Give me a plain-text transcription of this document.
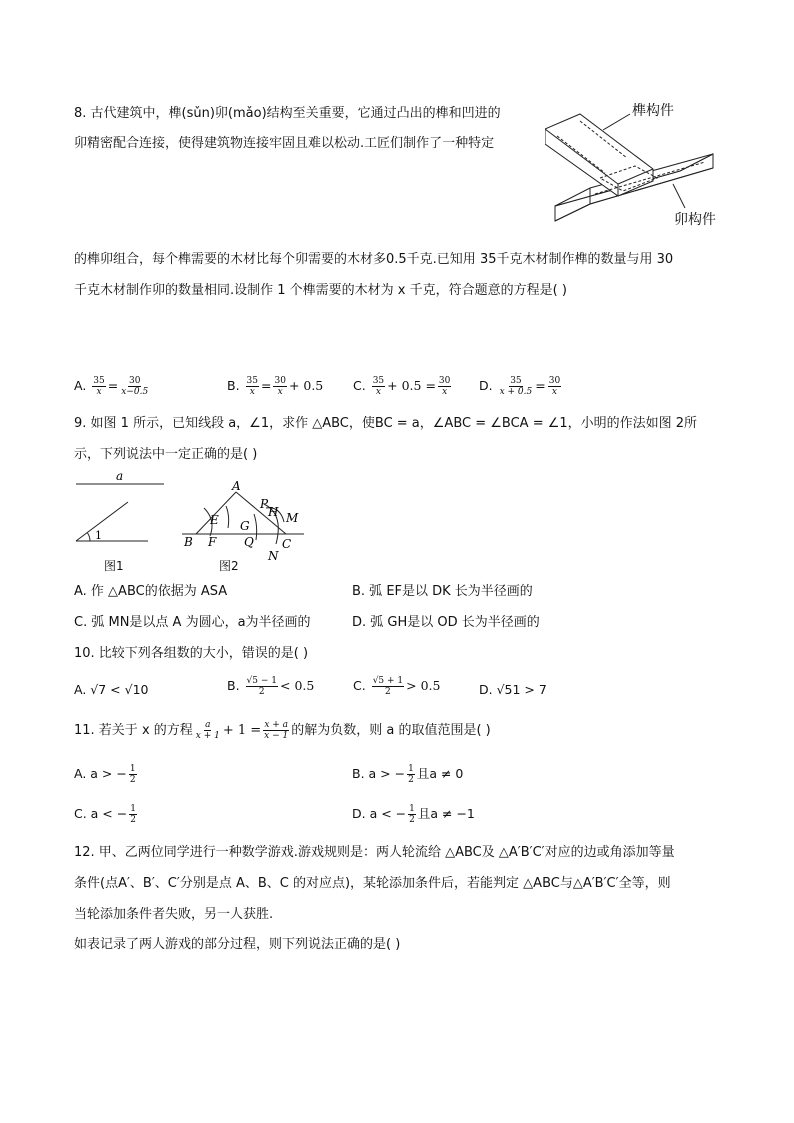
8. 古代建筑中，榫(sǔn)卯(mǎo)结构至关重要，它通过凸出的榫和凹进的
卯精密配合连接，使得建筑物连接牢固且难以松动.工匠们制作了一种特定
榫构件
卯构件
的榫卯组合，每个榫需要的木材比每个卯需要的木材多0.5千克.已知用 35千克木材制作榫的数量与用 30
千克木材制作卯的数量相同.设制作 1 个榫需要的木材为 x 千克，符合题意的方程是( )
A. $\frac{35}{x} = \frac{30}{x-0.5}$	B. $\frac{35}{x} = \frac{30}{x} + 0.5$ C. $\frac{35}{x} + 0.5 = \frac{30}{x} D$. $\frac{35}{x + 0.5} = \frac{30}{x}$
9. 如图 1 所示，已知线段 a，∠1，求作 △ABC，使BC = a，∠ABC = ∠BCA = ∠1，小明的作法如图 2所
示，下列说法中一定正确的是( )
a
1
图1
A
B	C
E
F
G
Q
P
H M
N
图2
A. 作 △ABC的依据为 ASA	B. 弧 EF是以 DK 长为半径画的
C. 弧 MN是以点 A 为圆心，a为半径画的	D. 弧 GH是以 OD 长为半径画的
10. 比较下列各组数的大小，错误的是( )
A. √7 < √10	B. $\frac{√5 - 1}{2} < 0.5$	C. $\frac{√5 + 1}{2} > 0.5$	D. √51 > 7
11. 若关于 x 的方程 $\frac{a}{x + 1} + 1 = \frac{x + a}{x - 1}$ 的解为负数，则 a 的取值范围是( )
A. a > − $\frac{1}{2}$	B. a > − $\frac{1}{2}$ 且a ≠ 0
C. a < − $\frac{1}{2}$	D. a < − $\frac{1}{2}$ 且a ≠ −1
12. 甲、乙两位同学进行一种数学游戏.游戏规则是：两人轮流给 △ABC及 △A′B′C′对应的边或角添加等量
条件(点A′、B′、C′分别是点 A、B、C 的对应点)，某轮添加条件后，若能判定 △ABC与△A′B′C′全等，则
当轮添加条件者失败，另一人获胜.
如表记录了两人游戏的部分过程，则下列说法正确的是( )
